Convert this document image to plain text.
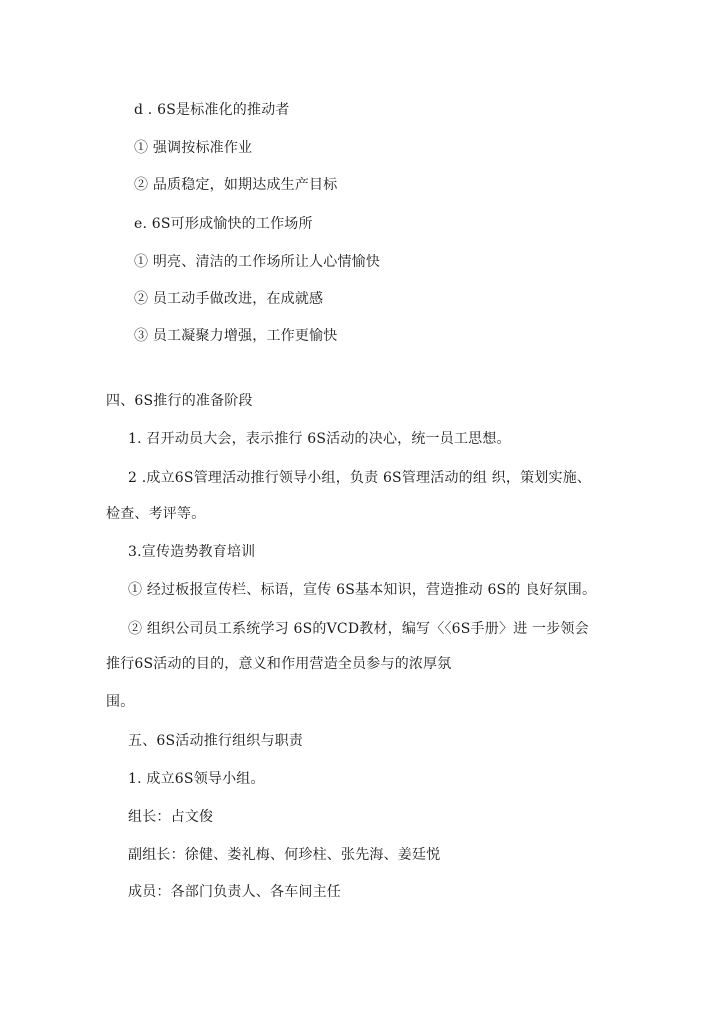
d . 6S是标准化的推动者
① 强调按标准作业
② 品质稳定，如期达成生产目标
e. 6S可形成愉快的工作场所
① 明亮、清洁的工作场所让人心情愉快
② 员工动手做改进，在成就感
③ 员工凝聚力增强，工作更愉快
四、6S推行的准备阶段
1. 召开动员大会，表示推行 6S活动的决心，统一员工思想。
2 .成立6S管理活动推行领导小组，负责 6S管理活动的组 织，策划实施、
检查、考评等。
3.宣传造势教育培训
① 经过板报宣传栏、标语，宣传 6S基本知识，营造推动 6S的 良好氛围。
② 组织公司员工系统学习 6S的VCD教材，编写〈〈6S手册〉进 一步领会
推行6S活动的目的，意义和作用营造全员参与的浓厚氛
围。
五、6S活动推行组织与职责
1. 成立6S领导小组。
组长：占文俊
副组长：徐健、娄礼梅、何珍柱、张先海、姜廷悦
成员：各部门负责人、各车间主任
